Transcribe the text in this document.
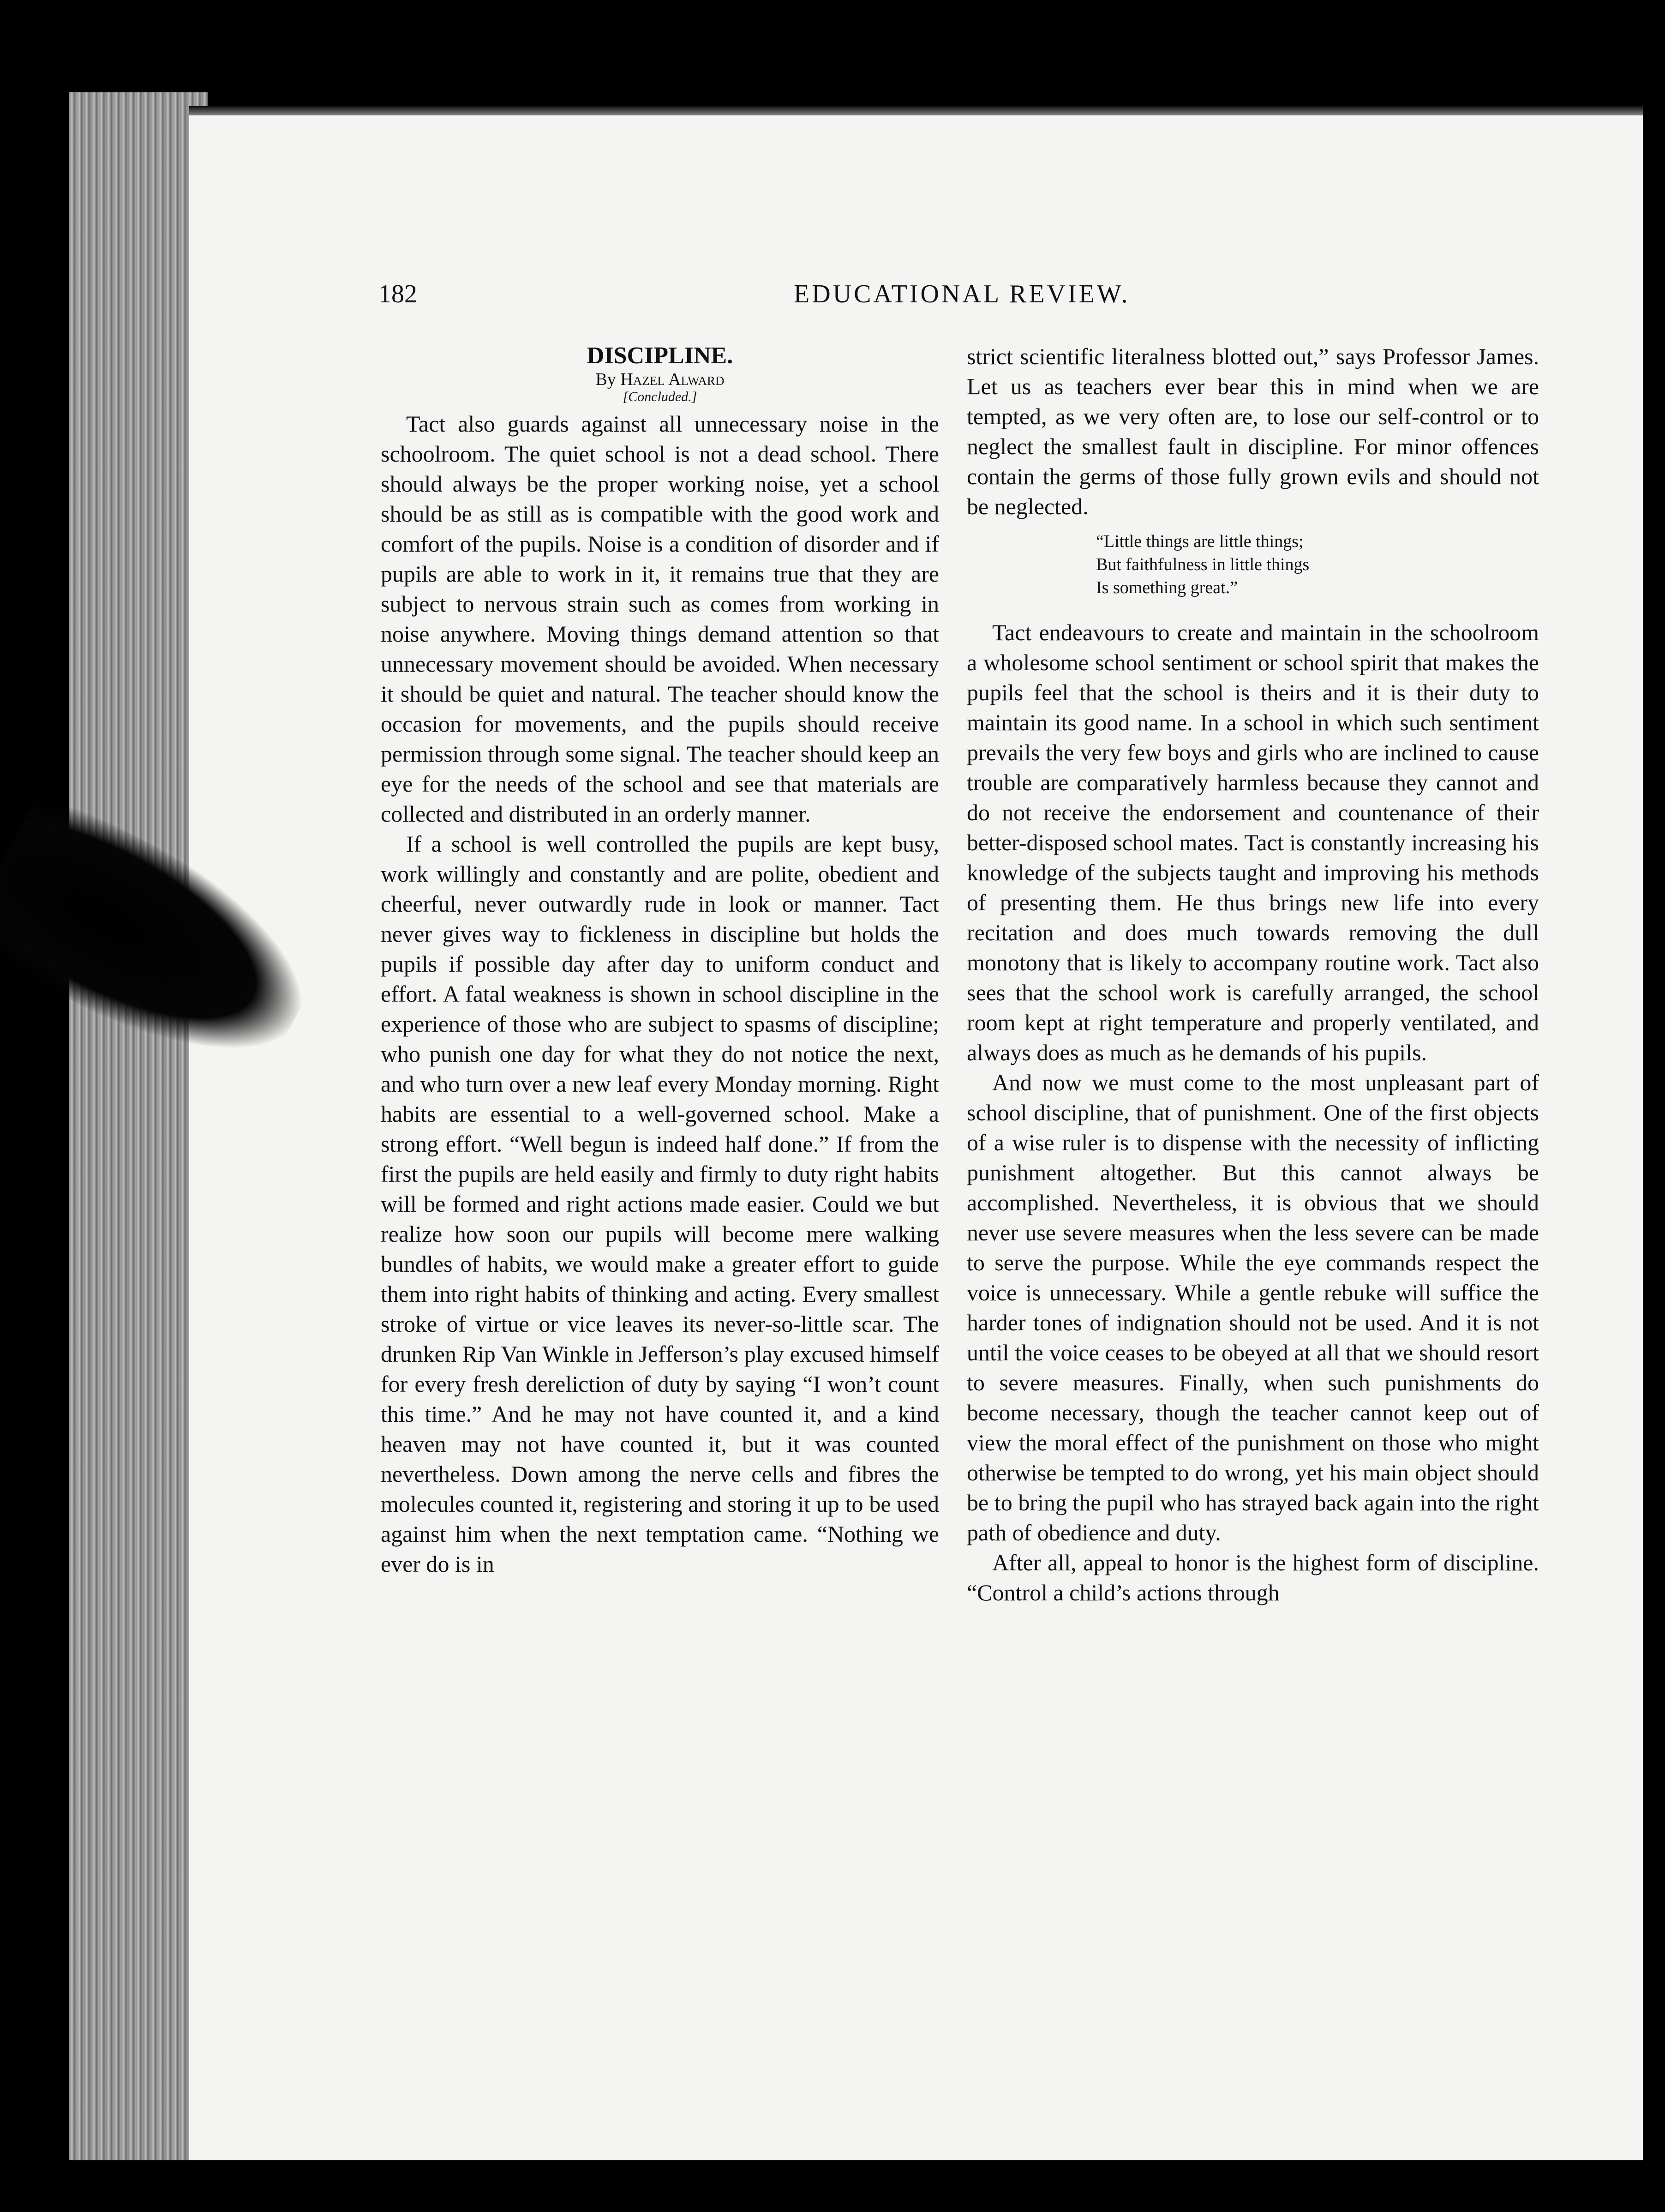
182	EDUCATIONAL REVIEW.
DISCIPLINE.
By Hazel Alward
[Concluded.]

Tact also guards against all unnecessary noise in the schoolroom. The quiet school is not a dead school. There should always be the proper working noise, yet a school should be as still as is compatible with the good work and comfort of the pupils. Noise is a condition of disorder and if pupils are able to work in it, it remains true that they are subject to nervous strain such as comes from working in noise anywhere. Moving things demand attention so that unnecessary movement should be avoided. When necessary it should be quiet and natural. The teacher should know the occasion for movements, and the pupils should receive permission through some signal. The teacher should keep an eye for the needs of the school and see that materials are collected and distributed in an orderly manner.

If a school is well controlled the pupils are kept busy, work willingly and constantly and are polite, obedient and cheerful, never outwardly rude in look or manner. Tact never gives way to fickleness in discipline but holds the pupils if possible day after day to uniform conduct and effort. A fatal weakness is shown in school discipline in the experience of those who are subject to spasms of discipline; who punish one day for what they do not notice the next, and who turn over a new leaf every Monday morning. Right habits are essential to a well-governed school. Make a strong effort. “Well begun is indeed half done.” If from the first the pupils are held easily and firmly to duty right habits will be formed and right actions made easier. Could we but realize how soon our pupils will become mere walking bundles of habits, we would make a greater effort to guide them into right habits of thinking and acting. Every smallest stroke of virtue or vice leaves its never-so-little scar. The drunken Rip Van Winkle in Jefferson’s play excused himself for every fresh dereliction of duty by saying “I won’t count this time.” And he may not have counted it, and a kind heaven may not have counted it, but it was counted nevertheless. Down among the nerve cells and fibres the molecules counted it, registering and storing it up to be used against him when the next temptation came. “Nothing we ever do is in

strict scientific literalness blotted out,” says Professor James. Let us as teachers ever bear this in mind when we are tempted, as we very often are, to lose our self-control or to neglect the smallest fault in discipline. For minor offences contain the germs of those fully grown evils and should not be neglected.

“Little things are little things;
But faithfulness in little things
Is something great.”

Tact endeavours to create and maintain in the schoolroom a wholesome school sentiment or school spirit that makes the pupils feel that the school is theirs and it is their duty to maintain its good name. In a school in which such sentiment prevails the very few boys and girls who are inclined to cause trouble are comparatively harmless because they cannot and do not receive the endorsement and countenance of their better-disposed school mates. Tact is constantly increasing his knowledge of the subjects taught and improving his methods of presenting them. He thus brings new life into every recitation and does much towards removing the dull monotony that is likely to accompany routine work. Tact also sees that the school work is carefully arranged, the school room kept at right temperature and properly ventilated, and always does as much as he demands of his pupils.

And now we must come to the most unpleasant part of school discipline, that of punishment. One of the first objects of a wise ruler is to dispense with the necessity of inflicting punishment altogether. But this cannot always be accomplished. Nevertheless, it is obvious that we should never use severe measures when the less severe can be made to serve the purpose. While the eye commands respect the voice is unnecessary. While a gentle rebuke will suffice the harder tones of indignation should not be used. And it is not until the voice ceases to be obeyed at all that we should resort to severe measures. Finally, when such punishments do become necessary, though the teacher cannot keep out of view the moral effect of the punishment on those who might otherwise be tempted to do wrong, yet his main object should be to bring the pupil who has strayed back again into the right path of obedience and duty.

After all, appeal to honor is the highest form of discipline. “Control a child’s actions through
